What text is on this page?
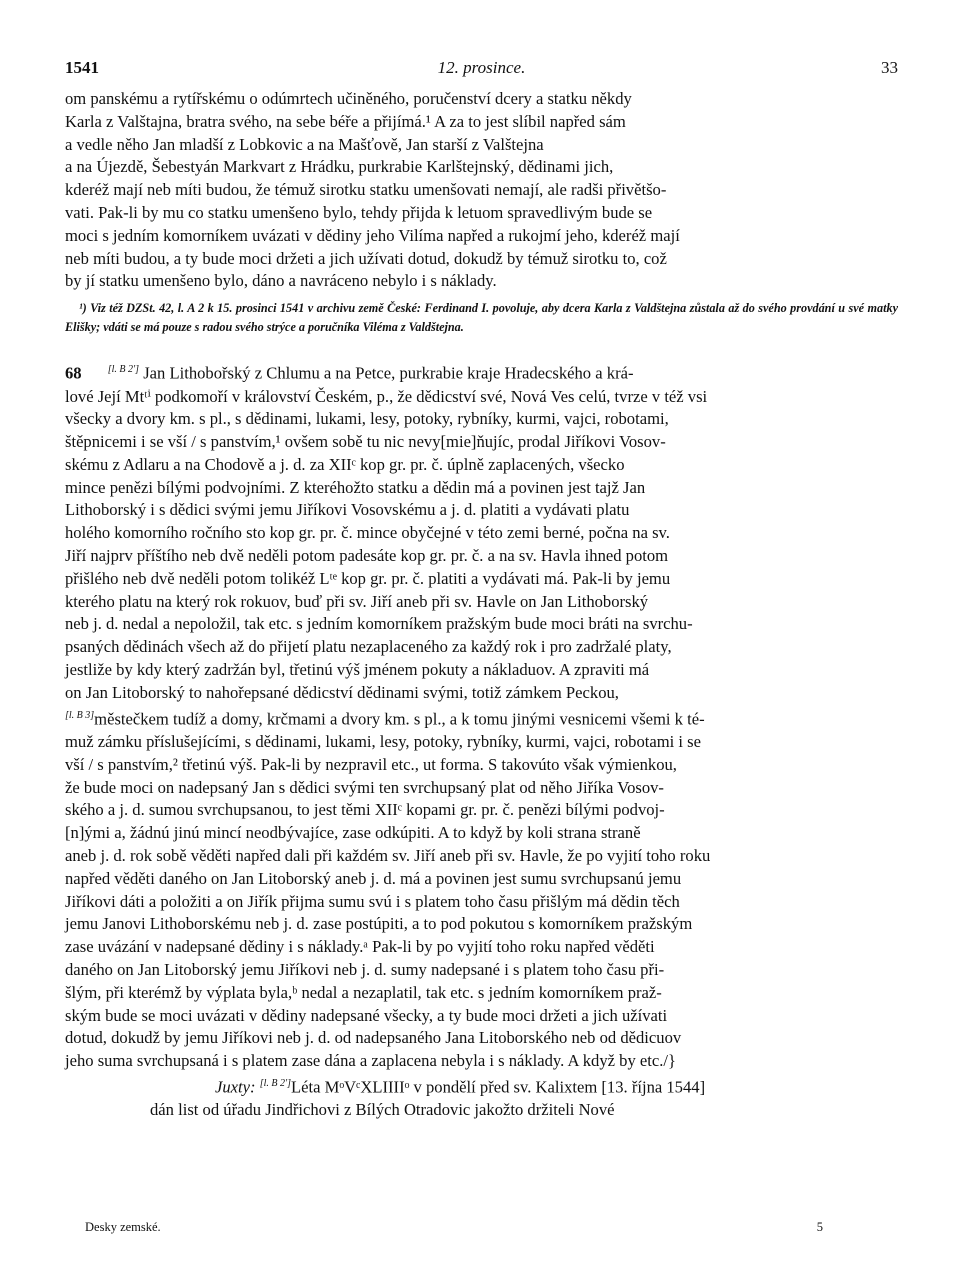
1541	12. prosince.	33
om panskému a rytířskému o odúmrtech učiněného, poručenství dcery a statku někdy
Karla z Valštajna, bratra svého, na sebe béře a přijímá.¹ A za to jest slíbil napřed sám
a vedle něho Jan mladší z Lobkovic a na Mašťově, Jan starší z Valštejna
a na Újezdě, Šebestyán Markvart z Hrádku, purkrabie Karlštejnský, dědinami jich,
kderéž mají neb míti budou, že témuž sirotku statku umenšovati nemají, ale radši přivětšo-
vati. Pak-li by mu co statku umenšeno bylo, tehdy přijda k letuom spravedlivým bude se
moci s jedním komorníkem uvázati v dědiny jeho Vilíma napřed a rukojmí jeho, kderéž mají
neb míti budou, a ty bude moci držeti a jich užívati dotud, dokudž by témuž sirotku to, což
by jí statku umenšeno bylo, dáno a navráceno nebylo i s náklady.

¹) Viz též DZSt. 42, l. A 2 k 15. prosinci 1541 v archivu země České: Ferdinand I. povoluje, aby dcera Karla z Valdštejna zůstala až do svého provdání u své matky Elišky; vdáti se má pouze s radou svého strýce a poručníka Viléma z Valdštejna.

68	[l. B 2'] Jan Lithobořský z Chlumu a na Petce, purkrabie kraje Hradecského a krá-
lové Její Mtᵗⁱ podkomoří v království Českém, p., že dědicství své, Nová Ves celú, tvrze v též vsi
všecky a dvory km. s pl., s dědinami, lukami, lesy, potoky, rybníky, kurmi, vajci, robotami,
štěpnicemi i se vší / s panstvím,¹ ovšem sobě tu nic nevy[mie]ňujíc, prodal Jiříkovi Vosov-
skému z Adlaru a na Chodově a j. d. za XIIᶜ kop gr. pr. č. úplně zaplacených, všecko
mince penězi bílými podvojními. Z kteréhožto statku a dědin má a povinen jest tajž Jan
Lithoborský i s dědici svými jemu Jiříkovi Vosovskému a j. d. platiti a vydávati platu
holého komorního ročního sto kop gr. pr. č. mince obyčejné v této zemi berné, počna na sv.
Jiří najprv příštího neb dvě neděli potom padesáte kop gr. pr. č. a na sv. Havla ihned potom
přišlého neb dvě neděli potom tolikéž Lᵗᵉ kop gr. pr. č. platiti a vydávati má. Pak-li by jemu
kterého platu na který rok rokuov, buď při sv. Jiří aneb při sv. Havle on Jan Lithoborský
neb j. d. nedal a nepoložil, tak etc. s jedním komorníkem pražským bude moci bráti na svrchu-
psaných dědinách všech až do přijetí platu nezaplaceného za každý rok i pro zadržalé platy,
jestliže by kdy který zadržán byl, třetinú výš jménem pokuty a nákladuov. A zpraviti má
on Jan Litoborský to nahořepsané dědicství dědinami svými, totiž zámkem Peckou,
[l. B 3]městečkem tudíž a domy, krčmami a dvory km. s pl., a k tomu jinými vesnicemi všemi k té-
muž zámku příslušejícími, s dědinami, lukami, lesy, potoky, rybníky, kurmi, vajci, robotami i se
vší / s panstvím,² třetinú výš. Pak-li by nezpravil etc., ut forma. S takovúto však výmienkou,
že bude moci on nadepsaný Jan s dědici svými ten svrchupsaný plat od něho Jiříka Vosov-
ského a j. d. sumou svrchupsanou, to jest těmi XIIᶜ kopami gr. pr. č. penězi bílými podvoj-
[n]ými a, žádnú jinú mincí neodbývajíce, zase odkúpiti. A to když by koli strana straně
aneb j. d. rok sobě věděti napřed dali při každém sv. Jiří aneb při sv. Havle, že po vyjití toho roku
napřed věděti daného on Jan Litoborský aneb j. d. má a povinen jest sumu svrchupsanú jemu
Jiříkovi dáti a položiti a on Jiřík přijma sumu svú i s platem toho času přišlým má dědin těch
jemu Janovi Lithoborskému neb j. d. zase postúpiti, a to pod pokutou s komorníkem pražským
zase uvázání v nadepsané dědiny i s náklady.ᵃ Pak-li by po vyjití toho roku napřed věděti
daného on Jan Litoborský jemu Jiříkovi neb j. d. sumy nadepsané i s platem toho času při-
šlým, při kterémž by výplata byla,ᵇ nedal a nezaplatil, tak etc. s jedním komorníkem praž-
ským bude se moci uvázati v dědiny nadepsané všecky, a ty bude moci držeti a jich užívati
dotud, dokudž by jemu Jiříkovi neb j. d. od nadepsaného Jana Litoborského neb od dědicuov
jeho suma svrchupsaná i s platem zase dána a zaplacena nebyla i s náklady. A když by etc./}

Juxty: [l. B 2']Léta MᵒVᶜXLIIIIᵒ v pondělí před sv. Kalixtem [13. října 1544]

dán list od úřadu Jindřichovi z Bílých Otradovic jakožto držiteli Nové

Desky zemské.	5
